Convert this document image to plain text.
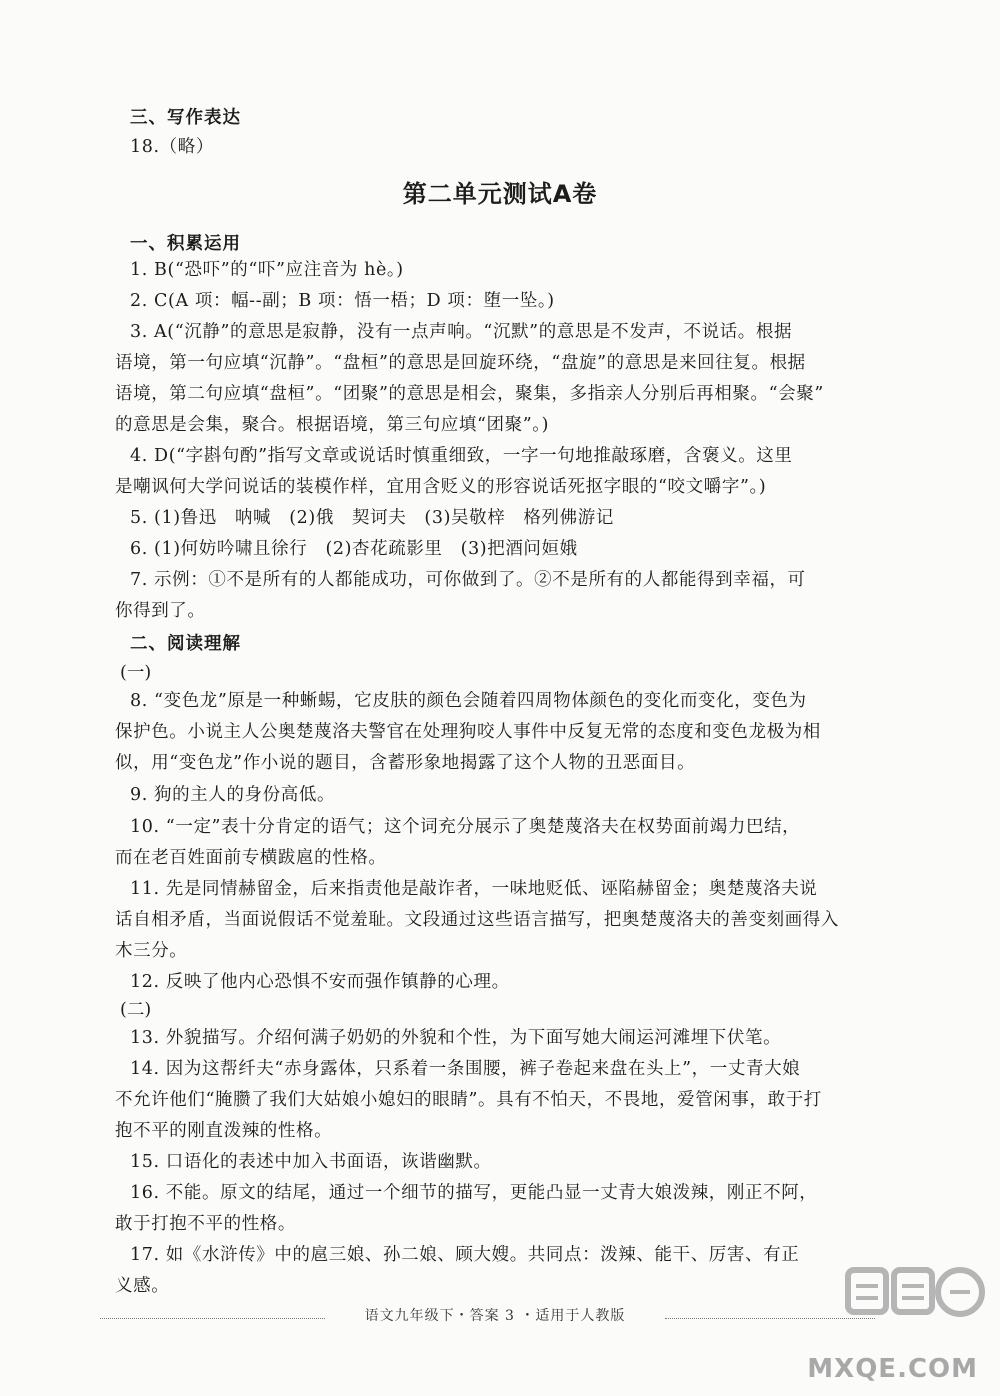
三、写作表达
18.（略）
第二单元测试A卷
一、积累运用
1. B(“恐吓”的“吓”应注音为 hè。)
2. C(A 项：幅--副；B 项：悟一梧；D 项：堕一坠。)
3. A(“沉静”的意思是寂静，没有一点声响。“沉默”的意思是不发声，不说话。根据
语境，第一句应填“沉静”。“盘桓”的意思是回旋环绕，“盘旋”的意思是来回往复。根据
语境，第二句应填“盘桓”。“团聚”的意思是相会，聚集，多指亲人分别后再相聚。“会聚”
的意思是会集，聚合。根据语境，第三句应填“团聚”。)
4. D(“字斟句酌”指写文章或说话时慎重细致，一字一句地推敲琢磨，含褒义。这里
是嘲讽何大学问说话的装模作样，宜用含贬义的形容说话死抠字眼的“咬文嚼字”。)
5. (1)鲁迅　呐喊　(2)俄　契诃夫　(3)吴敬梓　格列佛游记
6. (1)何妨吟啸且徐行　(2)杏花疏影里　(3)把酒问姮娥
7. 示例：①不是所有的人都能成功，可你做到了。②不是所有的人都能得到幸福，可
你得到了。
二、阅读理解
(一)
8. “变色龙”原是一种蜥蜴，它皮肤的颜色会随着四周物体颜色的变化而变化，变色为
保护色。小说主人公奥楚蔑洛夫警官在处理狗咬人事件中反复无常的态度和变色龙极为相
似，用“变色龙”作小说的题目，含蓄形象地揭露了这个人物的丑恶面目。
9. 狗的主人的身份高低。
10. “一定”表十分肯定的语气；这个词充分展示了奥楚蔑洛夫在权势面前竭力巴结，
而在老百姓面前专横跋扈的性格。
11. 先是同情赫留金，后来指责他是敲诈者，一味地贬低、诬陷赫留金；奥楚蔑洛夫说
话自相矛盾，当面说假话不觉羞耻。文段通过这些语言描写，把奥楚蔑洛夫的善变刻画得入
木三分。
12. 反映了他内心恐惧不安而强作镇静的心理。
(二)
13. 外貌描写。介绍何满子奶奶的外貌和个性，为下面写她大闹运河滩埋下伏笔。
14. 因为这帮纤夫“赤身露体，只系着一条围腰，裤子卷起来盘在头上”，一丈青大娘
不允许他们“腌臜了我们大姑娘小媳妇的眼睛”。具有不怕天，不畏地，爱管闲事，敢于打
抱不平的刚直泼辣的性格。
15. 口语化的表述中加入书面语，诙谐幽默。
16. 不能。原文的结尾，通过一个细节的描写，更能凸显一丈青大娘泼辣，刚正不阿，
敢于打抱不平的性格。
17. 如《水浒传》中的扈三娘、孙二娘、顾大嫂。共同点：泼辣、能干、厉害、有正
义感。
语文九年级下・答案 3 ・适用于人教版
MXQE.COM
